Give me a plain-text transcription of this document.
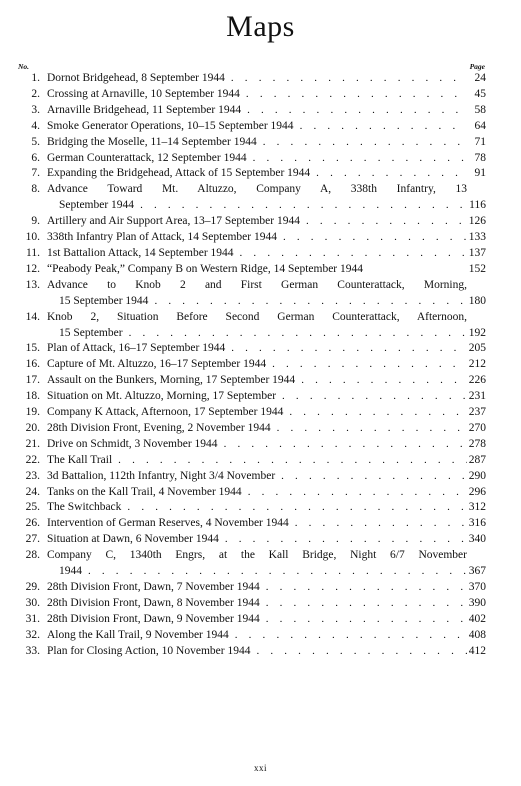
Maps
No.	Page
1. Dornot Bridgehead, 8 September 1944 . . .	24
2. Crossing at Arnaville, 10 September 1944 . . .	45
3. Arnaville Bridgehead, 11 September 1944 . . .	58
4. Smoke Generator Operations, 10–15 September 1944 . . .	64
5. Bridging the Moselle, 11–14 September 1944 . . .	71
6. German Counterattack, 12 September 1944 . . .	78
7. Expanding the Bridgehead, Attack of 15 September 1944 . . .	91
8. Advance Toward Mt. Altuzzo, Company A, 338th Infantry, 13
September 1944 . . .	116
9. Artillery and Air Support Area, 13–17 September 1944 . . .	126
10. 338th Infantry Plan of Attack, 14 September 1944 . . .	133
11. 1st Battalion Attack, 14 September 1944 . . .	137
12. “Peabody Peak,” Company B on Western Ridge, 14 September 1944	152
13. Advance to Knob 2 and First German Counterattack, Morning,
15 September 1944 . . .	180
14. Knob 2, Situation Before Second German Counterattack, Afternoon,
15 September . . .	192
15. Plan of Attack, 16–17 September 1944 . . .	205
16. Capture of Mt. Altuzzo, 16–17 September 1944 . . .	212
17. Assault on the Bunkers, Morning, 17 September 1944 . . .	226
18. Situation on Mt. Altuzzo, Morning, 17 September . . .	231
19. Company K Attack, Afternoon, 17 September 1944 . . .	237
20. 28th Division Front, Evening, 2 November 1944 . . .	270
21. Drive on Schmidt, 3 November 1944 . . .	278
22. The Kall Trail . . .	287
23. 3d Battalion, 112th Infantry, Night 3/4 November . . .	290
24. Tanks on the Kall Trail, 4 November 1944 . . .	296
25. The Switchback . . .	312
26. Intervention of German Reserves, 4 November 1944 . . .	316
27. Situation at Dawn, 6 November 1944 . . .	340
28. Company C, 1340th Engrs, at the Kall Bridge, Night 6/7 November
1944 . . .	367
29. 28th Division Front, Dawn, 7 November 1944 . . .	370
30. 28th Division Front, Dawn, 8 November 1944 . . .	390
31. 28th Division Front, Dawn, 9 November 1944 . . .	402
32. Along the Kall Trail, 9 November 1944 . . .	408
33. Plan for Closing Action, 10 November 1944 . . .	412
xxi
